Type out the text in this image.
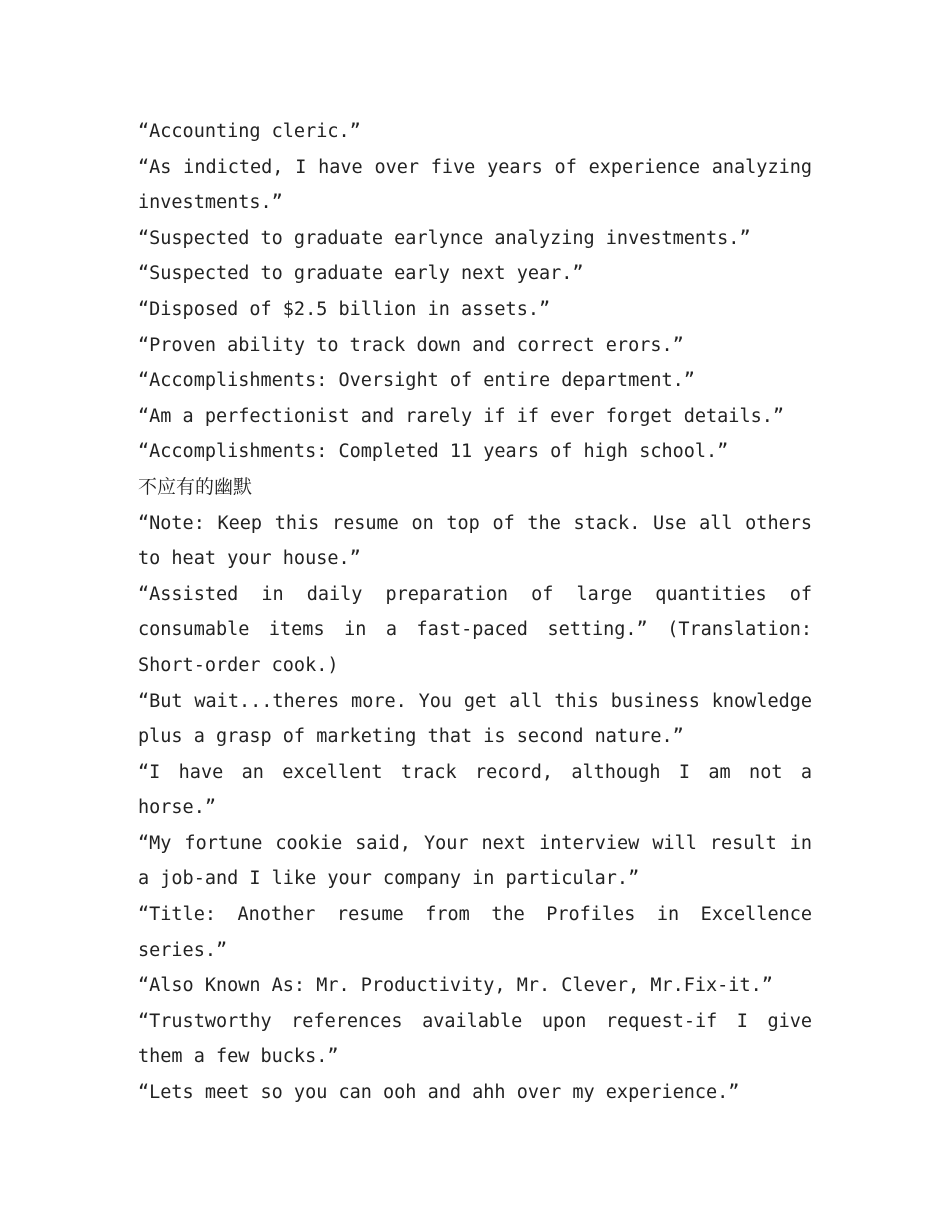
“Accounting cleric.”

“As indicted, I have over five years of experience analyzing investments.”

“Suspected to graduate earlynce analyzing investments.”

“Suspected to graduate early next year.”

“Disposed of $2.5 billion in assets.”

“Proven ability to track down and correct erors.”

“Accomplishments: Oversight of entire department.”

“Am a perfectionist and rarely if if ever forget details.”

“Accomplishments: Completed 11 years of high school.”

不应有的幽默

“Note: Keep this resume on top of the stack. Use all others to heat your house.”

“Assisted in daily preparation of large quantities of consumable items in a fast-paced setting.” (Translation: Short-order cook.)

“But wait...theres more. You get all this business knowledge plus a grasp of marketing that is second nature.”

“I have an excellent track record, although I am not a horse.”

“My fortune cookie said, Your next interview will result in a job-and I like your company in particular.”

“Title: Another resume from the Profiles in Excellence series.”

“Also Known As: Mr. Productivity, Mr. Clever, Mr.Fix-it.”

“Trustworthy references available upon request-if I give them a few bucks.”

“Lets meet so you can ooh and ahh over my experience.”
